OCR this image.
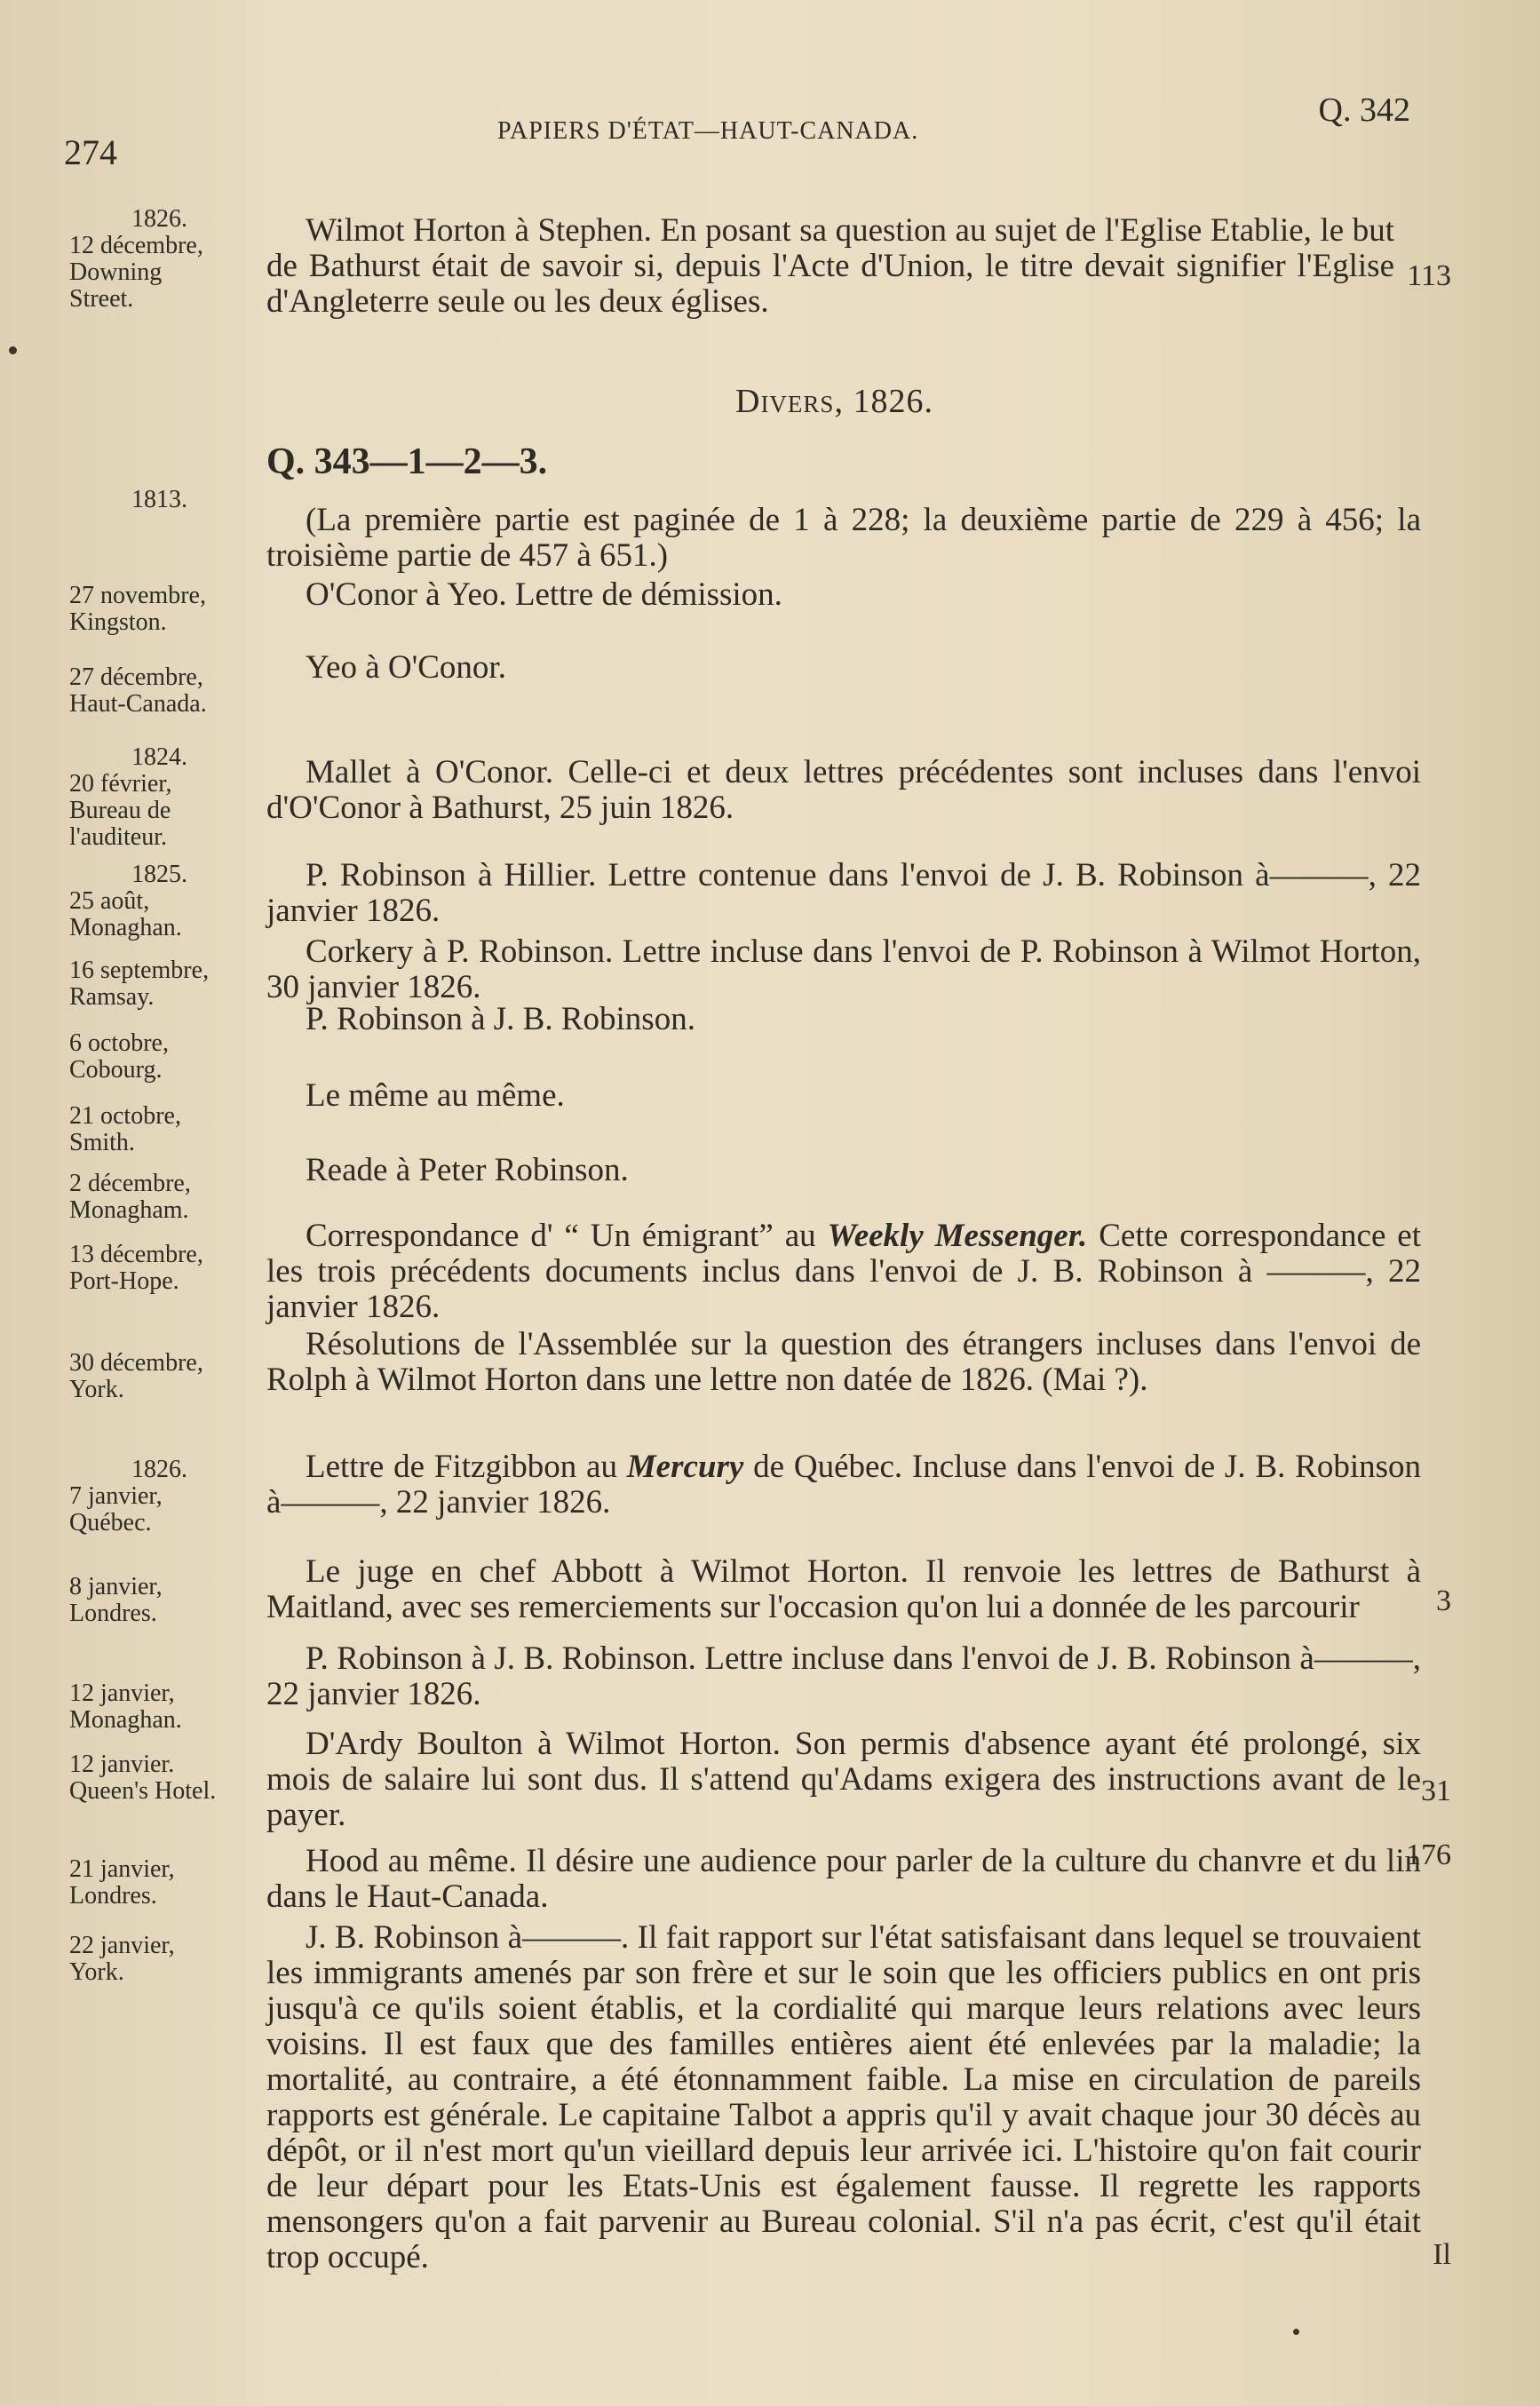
274
PAPIERS D'ÉTAT—HAUT-CANADA.
Q. 342
1826.
12 décembre,
Downing
Street.
Wilmot Horton à Stephen. En posant sa question au sujet de l'Eglise Etablie, le but de Bathurst était de savoir si, depuis l'Acte d'Union, le titre devait signifier l'Eglise d'Angleterre seule ou les deux églises.
113
Divers, 1826.
Q. 343—1—2—3.
1813.
(La première partie est paginée de 1 à 228; la deuxième partie de 229 à 456; la troisième partie de 457 à 651.)
27 novembre,
Kingston.
O'Conor à Yeo. Lettre de démission.
27 décembre,
Haut-Canada.
Yeo à O'Conor.
1824.
20 février,
Bureau de
l'auditeur.
Mallet à O'Conor. Celle-ci et deux lettres précédentes sont incluses dans l'envoi d'O'Conor à Bathurst, 25 juin 1826.
1825.
25 août,
Monaghan.
P. Robinson à Hillier. Lettre contenue dans l'envoi de J. B. Robinson à———, 22 janvier 1826.
16 septembre,
Ramsay.
Corkery à P. Robinson. Lettre incluse dans l'envoi de P. Robinson à Wilmot Horton, 30 janvier 1826.
6 octobre,
Cobourg.
P. Robinson à J. B. Robinson.
21 octobre,
Smith.
Le même au même.
2 décembre,
Monagham.
Reade à Peter Robinson.
13 décembre,
Port-Hope.
Correspondance d' “ Un émigrant” au Weekly Messenger. Cette correspondance et les trois précédents documents inclus dans l'envoi de J. B. Robinson à ———, 22 janvier 1826.
30 décembre,
York.
Résolutions de l'Assemblée sur la question des étrangers incluses dans l'envoi de Rolph à Wilmot Horton dans une lettre non datée de 1826. (Mai ?).
1826.
7 janvier,
Québec.
Lettre de Fitzgibbon au Mercury de Québec. Incluse dans l'envoi de J. B. Robinson à———, 22 janvier 1826.
8 janvier,
Londres.
Le juge en chef Abbott à Wilmot Horton. Il renvoie les lettres de Bathurst à Maitland, avec ses remerciements sur l'occasion qu'on lui a donnée de les parcourir	3
12 janvier,
Monaghan.
P. Robinson à J. B. Robinson. Lettre incluse dans l'envoi de J. B. Robinson à———, 22 janvier 1826.
12 janvier.
Queen's Hotel.
D'Ardy Boulton à Wilmot Horton. Son permis d'absence ayant été prolongé, six mois de salaire lui sont dus. Il s'attend qu'Adams exigera des instructions avant de le payer.
31
21 janvier,
Londres.
Hood au même. Il désire une audience pour parler de la culture du chanvre et du lin dans le Haut-Canada.
176
22 janvier,
York.
J. B. Robinson à———. Il fait rapport sur l'état satisfaisant dans lequel se trouvaient les immigrants amenés par son frère et sur le soin que les officiers publics en ont pris jusqu'à ce qu'ils soient établis, et la cordialité qui marque leurs relations avec leurs voisins. Il est faux que des familles entières aient été enlevées par la maladie; la mortalité, au contraire, a été étonnamment faible. La mise en circulation de pareils rapports est générale. Le capitaine Talbot a appris qu'il y avait chaque jour 30 décès au dépôt, or il n'est mort qu'un vieillard depuis leur arrivée ici. L'histoire qu'on fait courir de leur départ pour les Etats-Unis est également fausse. Il regrette les rapports mensongers qu'on a fait parvenir au Bureau colonial. S'il n'a pas écrit, c'est qu'il était trop occupé.	Il
